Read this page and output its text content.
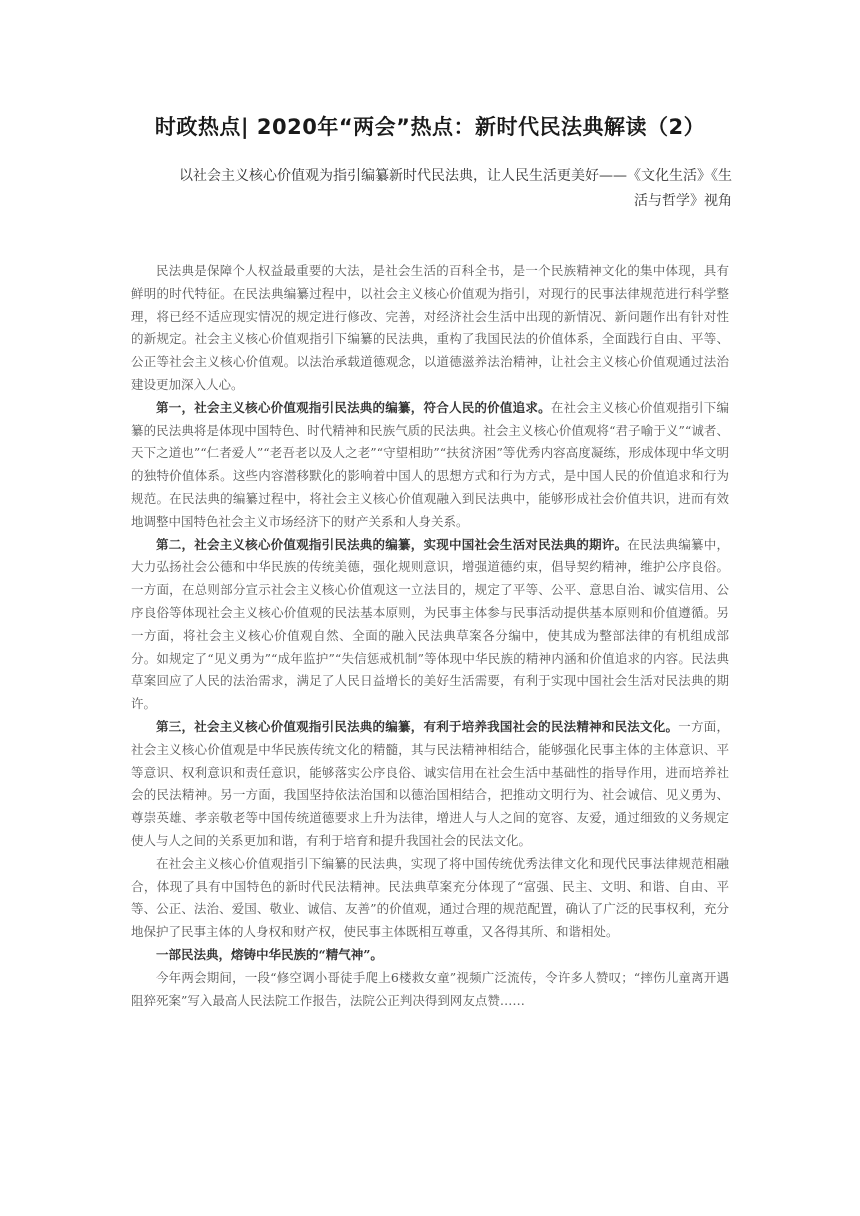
时政热点| 2020年“两会”热点：新时代民法典解读（2）

以社会主义核心价值观为指引编纂新时代民法典，让人民生活更美好——《文化生活》《生活与哲学》视角

民法典是保障个人权益最重要的大法，是社会生活的百科全书，是一个民族精神文化的集中体现，具有鲜明的时代特征。在民法典编纂过程中，以社会主义核心价值观为指引，对现行的民事法律规范进行科学整理，将已经不适应现实情况的规定进行修改、完善，对经济社会生活中出现的新情况、新问题作出有针对性的新规定。社会主义核心价值观指引下编纂的民法典，重构了我国民法的价值体系，全面践行自由、平等、公正等社会主义核心价值观。以法治承载道德观念，以道德滋养法治精神，让社会主义核心价值观通过法治建设更加深入人心。

第一，社会主义核心价值观指引民法典的编纂，符合人民的价值追求。在社会主义核心价值观指引下编纂的民法典将是体现中国特色、时代精神和民族气质的民法典。社会主义核心价值观将“君子喻于义”“诚者、天下之道也”“仁者爱人”“老吾老以及人之老”“守望相助”“扶贫济困”等优秀内容高度凝练，形成体现中华文明的独特价值体系。这些内容潜移默化的影响着中国人的思想方式和行为方式，是中国人民的价值追求和行为规范。在民法典的编纂过程中，将社会主义核心价值观融入到民法典中，能够形成社会价值共识，进而有效地调整中国特色社会主义市场经济下的财产关系和人身关系。

第二，社会主义核心价值观指引民法典的编纂，实现中国社会生活对民法典的期许。在民法典编纂中，大力弘扬社会公德和中华民族的传统美德，强化规则意识，增强道德约束，倡导契约精神，维护公序良俗。一方面，在总则部分宣示社会主义核心价值观这一立法目的，规定了平等、公平、意思自治、诚实信用、公序良俗等体现社会主义核心价值观的民法基本原则，为民事主体参与民事活动提供基本原则和价值遵循。另一方面，将社会主义核心价值观自然、全面的融入民法典草案各分编中，使其成为整部法律的有机组成部分。如规定了“见义勇为”“成年监护”“失信惩戒机制”等体现中华民族的精神内涵和价值追求的内容。民法典草案回应了人民的法治需求，满足了人民日益增长的美好生活需要，有利于实现中国社会生活对民法典的期许。

第三，社会主义核心价值观指引民法典的编纂，有利于培养我国社会的民法精神和民法文化。一方面，社会主义核心价值观是中华民族传统文化的精髓，其与民法精神相结合，能够强化民事主体的主体意识、平等意识、权利意识和责任意识，能够落实公序良俗、诚实信用在社会生活中基础性的指导作用，进而培养社会的民法精神。另一方面，我国坚持依法治国和以德治国相结合，把推动文明行为、社会诚信、见义勇为、尊崇英雄、孝亲敬老等中国传统道德要求上升为法律，增进人与人之间的宽容、友爱，通过细致的义务规定使人与人之间的关系更加和谐，有利于培育和提升我国社会的民法文化。

在社会主义核心价值观指引下编纂的民法典，实现了将中国传统优秀法律文化和现代民事法律规范相融合，体现了具有中国特色的新时代民法精神。民法典草案充分体现了“富强、民主、文明、和谐、自由、平等、公正、法治、爱国、敬业、诚信、友善”的价值观，通过合理的规范配置，确认了广泛的民事权利，充分地保护了民事主体的人身权和财产权，使民事主体既相互尊重，又各得其所、和谐相处。

一部民法典，熔铸中华民族的“精气神”。

今年两会期间，一段“修空调小哥徒手爬上6楼救女童”视频广泛流传，令许多人赞叹；“摔伤儿童离开遇阻猝死案”写入最高人民法院工作报告，法院公正判决得到网友点赞……
